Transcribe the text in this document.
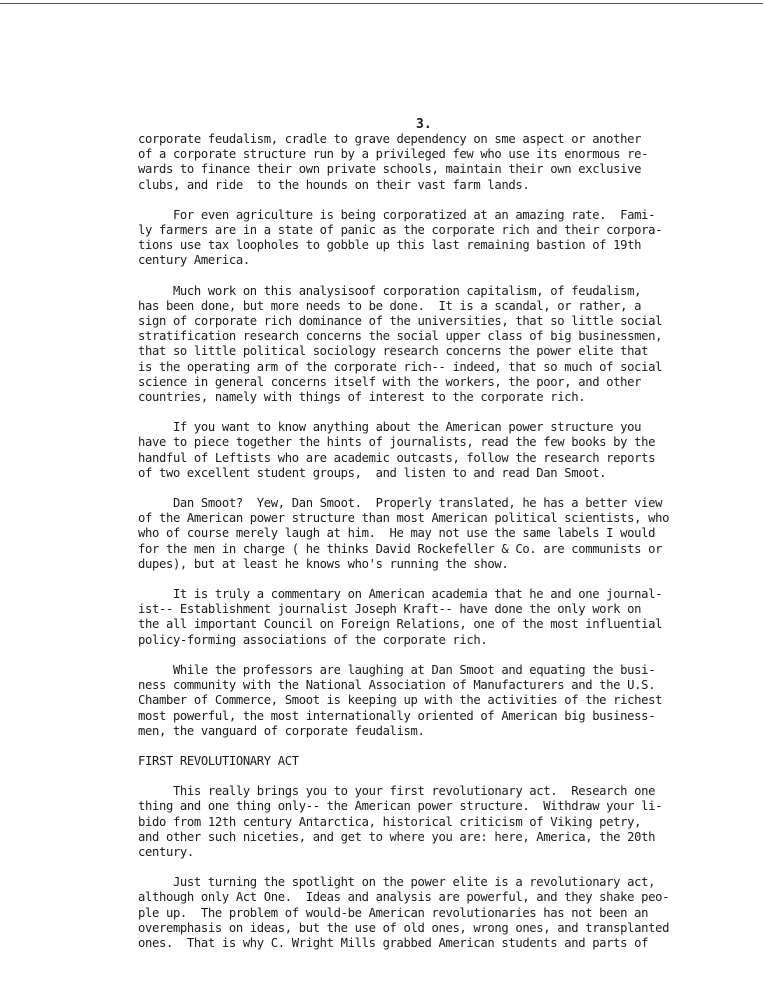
3.
corporate feudalism, cradle to grave dependency on sme aspect or another
of a corporate structure run by a privileged few who use its enormous re-
wards to finance their own private schools, maintain their own exclusive
clubs, and ride  to the hounds on their vast farm lands.
For even agriculture is being corporatized at an amazing rate.  Fami-
ly farmers are in a state of panic as the corporate rich and their corpora-
tions use tax loopholes to gobble up this last remaining bastion of 19th
century America.
Much work on this analysisoof corporation capitalism, of feudalism,
has been done, but more needs to be done.  It is a scandal, or rather, a
sign of corporate rich dominance of the universities, that so little social
stratification research concerns the social upper class of big businessmen,
that so little political sociology research concerns the power elite that
is the operating arm of the corporate rich-- indeed, that so much of social
science in general concerns itself with the workers, the poor, and other
countries, namely with things of interest to the corporate rich.
If you want to know anything about the American power structure you
have to piece together the hints of journalists, read the few books by the
handful of Leftists who are academic outcasts, follow the research reports
of two excellent student groups,  and listen to and read Dan Smoot.
Dan Smoot?  Yew, Dan Smoot.  Properly translated, he has a better view
of the American power structure than most American political scientists, who
who of course merely laugh at him.  He may not use the same labels I would
for the men in charge ( he thinks David Rockefeller & Co. are communists or
dupes), but at least he knows who's running the show.
It is truly a commentary on American academia that he and one journal-
ist-- Establishment journalist Joseph Kraft-- have done the only work on
the all important Council on Foreign Relations, one of the most influential
policy-forming associations of the corporate rich.
While the professors are laughing at Dan Smoot and equating the busi-
ness community with the National Association of Manufacturers and the U.S.
Chamber of Commerce, Smoot is keeping up with the activities of the richest
most powerful, the most internationally oriented of American big business-
men, the vanguard of corporate feudalism.
FIRST REVOLUTIONARY ACT
This really brings you to your first revolutionary act.  Research one
thing and one thing only-- the American power structure.  Withdraw your li-
bido from 12th century Antarctica, historical criticism of Viking petry,
and other such niceties, and get to where you are: here, America, the 20th
century.
Just turning the spotlight on the power elite is a revolutionary act,
although only Act One.  Ideas and analysis are powerful, and they shake peo-
ple up.  The problem of would-be American revolutionaries has not been an
overemphasis on ideas, but the use of old ones, wrong ones, and transplanted
ones.  That is why C. Wright Mills grabbed American students and parts of
